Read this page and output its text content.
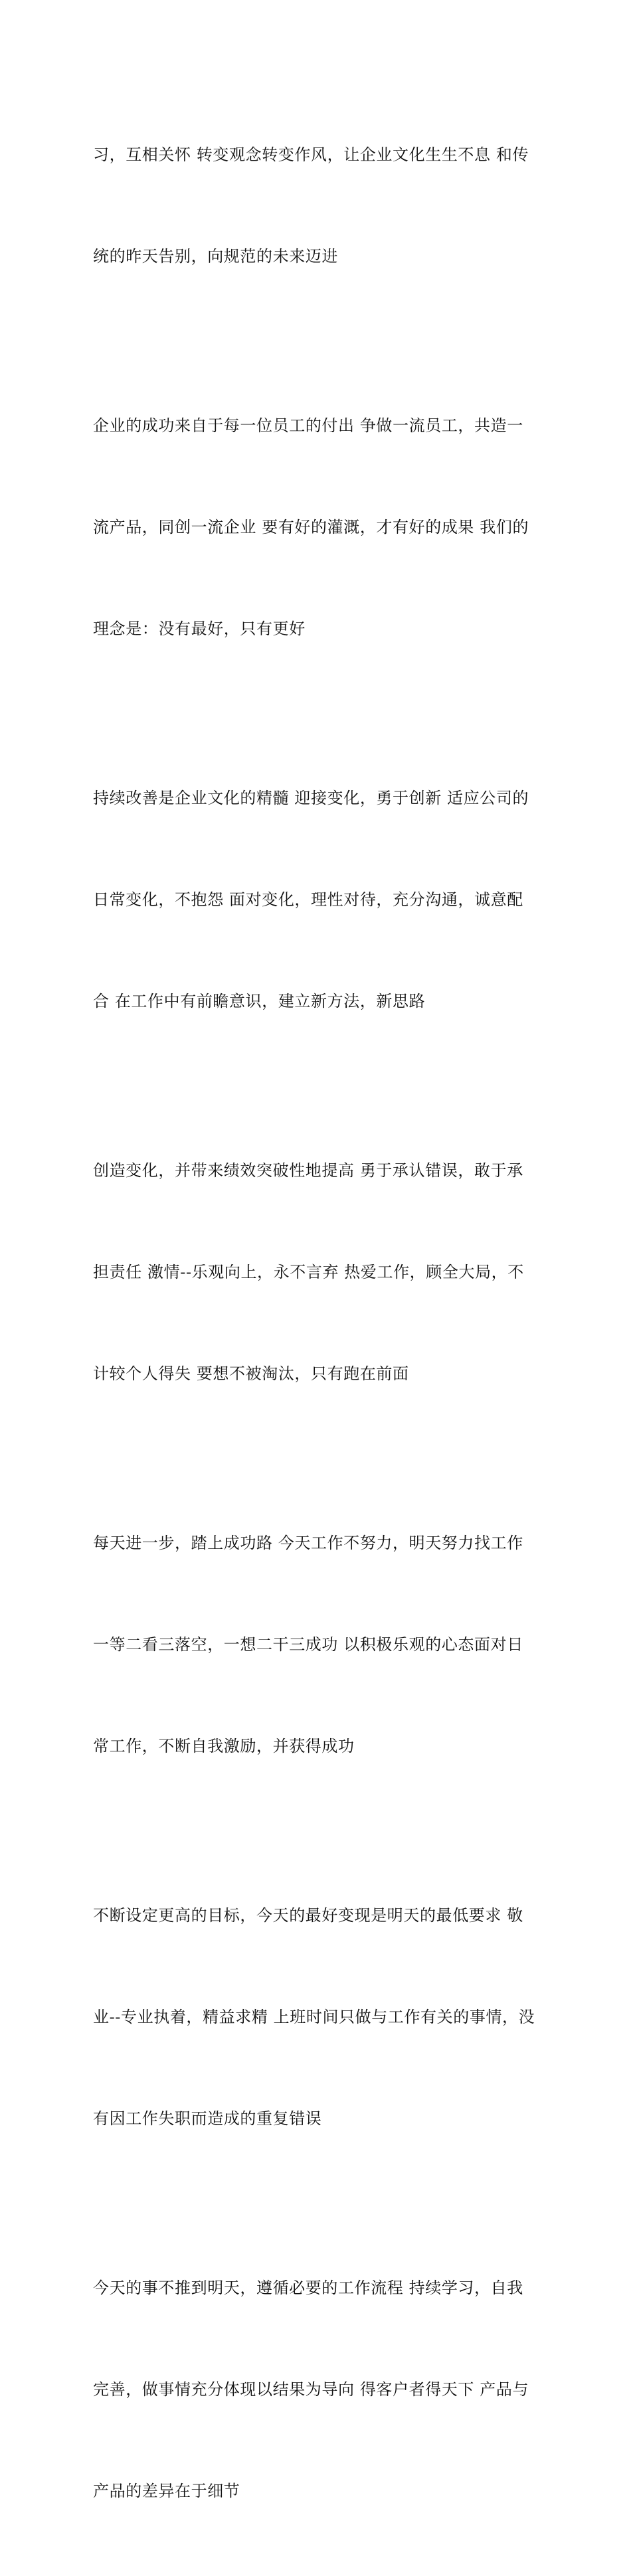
习，互相关怀 转变观念转变作风，让企业文化生生不息 和传

统的昨天告别，向规范的未来迈进

企业的成功来自于每一位员工的付出 争做一流员工，共造一

流产品，同创一流企业 要有好的灌溉，才有好的成果 我们的

理念是：没有最好，只有更好

持续改善是企业文化的精髓 迎接变化，勇于创新 适应公司的

日常变化，不抱怨 面对变化，理性对待，充分沟通，诚意配

合 在工作中有前瞻意识，建立新方法，新思路

创造变化，并带来绩效突破性地提高 勇于承认错误，敢于承

担责任 激情--乐观向上，永不言弃 热爱工作，顾全大局，不

计较个人得失 要想不被淘汰，只有跑在前面

每天进一步，踏上成功路 今天工作不努力，明天努力找工作

一等二看三落空，一想二干三成功 以积极乐观的心态面对日

常工作，不断自我激励，并获得成功

不断设定更高的目标，今天的最好变现是明天的最低要求 敬

业--专业执着，精益求精 上班时间只做与工作有关的事情，没

有因工作失职而造成的重复错误

今天的事不推到明天，遵循必要的工作流程 持续学习，自我

完善，做事情充分体现以结果为导向 得客户者得天下 产品与

产品的差异在于细节
